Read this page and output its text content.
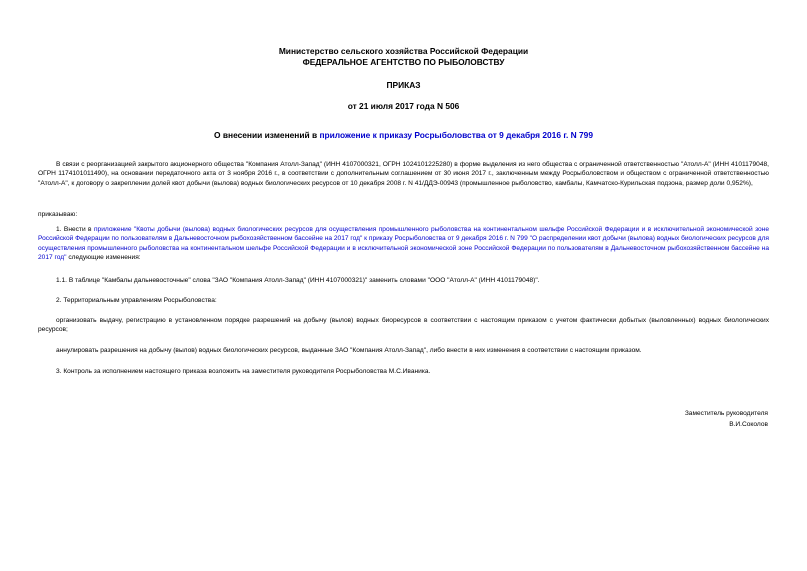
Министерство сельского хозяйства Российской Федерации
ФЕДЕРАЛЬНОЕ АГЕНТСТВО ПО РЫБОЛОВСТВУ
ПРИКАЗ
от 21 июля 2017 года N 506
О внесении изменений в приложение к приказу Росрыболовства от 9 декабря 2016 г. N 799
В связи с реорганизацией закрытого акционерного общества "Компания Атолл-Запад" (ИНН 4107000321, ОГРН 1024101225280) в форме выделения из него общества с ограниченной ответственностью "Атолл-А" (ИНН 4101179048, ОГРН 1174101011490), на основании передаточного акта от 3 ноября 2016 г., в соответствии с дополнительным соглашением от 30 июня 2017 г., заключенным между Росрыболовством и обществом с ограниченной ответственностью "Атолл-А", к договору о закреплении долей квот добычи (вылова) водных биологических ресурсов от 10 декабря 2008 г. N 41/ДДЭ-00943 (промышленное рыболовство, камбалы, Камчатско-Курильская подзона, размер доли 0,952%),
приказываю:
1. Внести в приложение "Квоты добычи (вылова) водных биологических ресурсов для осуществления промышленного рыболовства на континентальном шельфе Российской Федерации и в исключительной экономической зоне Российской Федерации по пользователям в Дальневосточном рыбохозяйственном бассейне на 2017 год" к приказу Росрыболовства от 9 декабря 2016 г. N 799 "О распределении квот добычи (вылова) водных биологических ресурсов для осуществления промышленного рыболовства на континентальном шельфе Российской Федерации и в исключительной экономической зоне Российской Федерации по пользователям в Дальневосточном рыбохозяйственном бассейне на 2017 год" следующие изменения:
1.1. В таблице "Камбалы дальневосточные" слова "ЗАО "Компания Атолл-Запад" (ИНН 4107000321)" заменить словами "ООО "Атолл-А" (ИНН 4101179048)".
2. Территориальным управлениям Росрыболовства:
организовать выдачу, регистрацию в установленном порядке разрешений на добычу (вылов) водных биоресурсов в соответствии с настоящим приказом с учетом фактически добытых (выловленных) водных биологических ресурсов;
аннулировать разрешения на добычу (вылов) водных биологических ресурсов, выданные ЗАО "Компания Атолл-Запад", либо внести в них изменения в соответствии с настоящим приказом.
3. Контроль за исполнением настоящего приказа возложить на заместителя руководителя Росрыболовства М.С.Иваника.
Заместитель руководителя
В.И.Соколов
